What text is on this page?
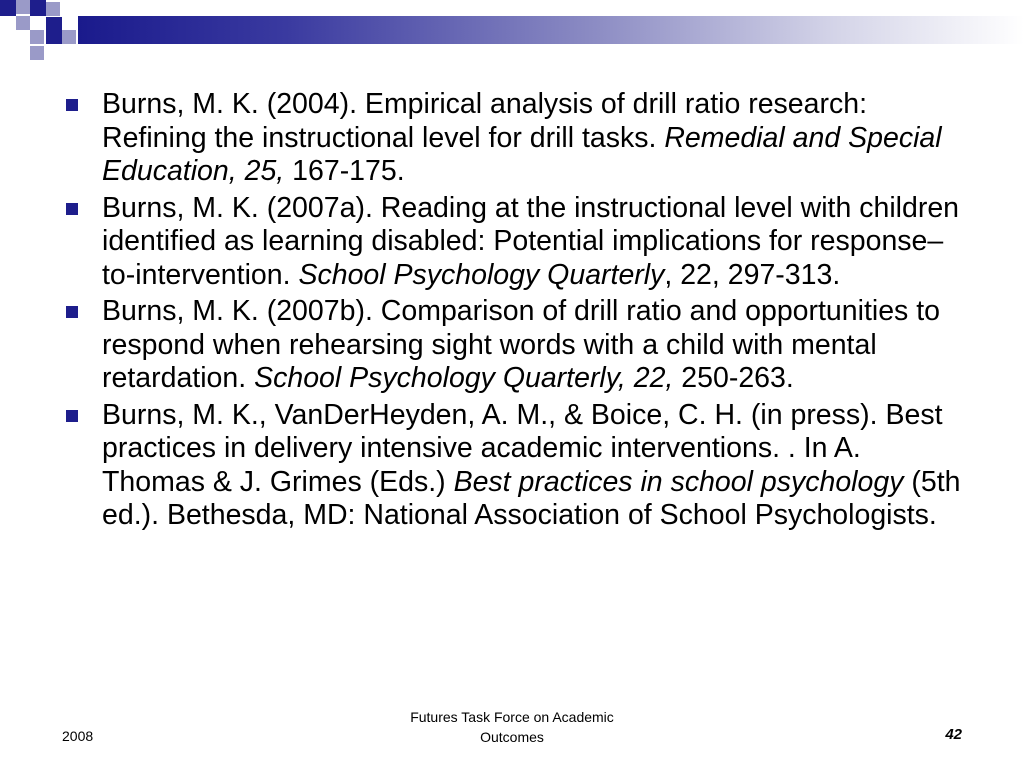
Burns, M. K. (2004). Empirical analysis of drill ratio research: Refining the instructional level for drill tasks. Remedial and Special Education, 25, 167-175.
Burns, M. K. (2007a). Reading at the instructional level with children identified as learning disabled: Potential implications for response–to-intervention. School Psychology Quarterly, 22, 297-313.
Burns, M. K. (2007b). Comparison of drill ratio and opportunities to respond when rehearsing sight words with a child with mental retardation. School Psychology Quarterly, 22, 250-263.
Burns, M. K., VanDerHeyden, A. M., & Boice, C. H. (in press). Best practices in delivery intensive academic interventions. . In A. Thomas & J. Grimes (Eds.) Best practices in school psychology (5th ed.). Bethesda, MD: National Association of School Psychologists.
2008
Futures Task Force on Academic
Outcomes	42
